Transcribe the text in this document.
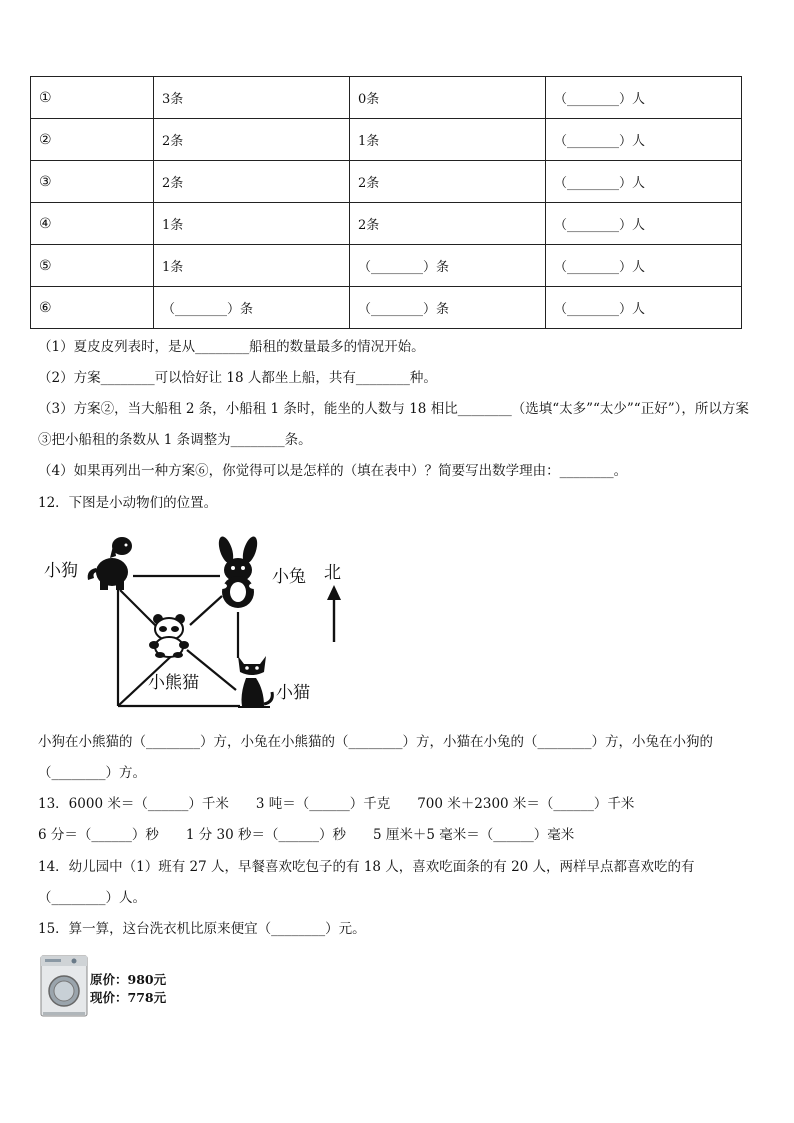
①	3条	0条	（________）人
②	2条	1条	（________）人
③	2条	2条	（________）人
④	1条	2条	（________）人
⑤	1条	（________）条	（________）人
⑥	（________）条	（________）条	（________）人
（1）夏皮皮列表时，是从________船租的数量最多的情况开始。
（2）方案________可以恰好让 18 人都坐上船，共有________种。
（3）方案②，当大船租 2 条，小船租 1 条时，能坐的人数与 18 相比________（选填“太多”“太少”“正好”），所以方案
③把小船租的条数从 1 条调整为________条。
（4）如果再列出一种方案⑥，你觉得可以是怎样的（填在表中）？简要写出数学理由：________。
12．下图是小动物们的位置。
小狗	小兔
小熊猫	小猫
北
小狗在小熊猫的（________）方，小兔在小熊猫的（________）方，小猫在小兔的（________）方，小兔在小狗的
（________）方。
13．6000 米＝（______）千米　　3 吨＝（______）千克　　700 米＋2300 米＝（______）千米
6 分＝（______）秒　　1 分 30 秒＝（______）秒　　5 厘米＋5 毫米＝（______）毫米
14．幼儿园中（1）班有 27 人，早餐喜欢吃包子的有 18 人，喜欢吃面条的有 20 人，两样早点都喜欢吃的有
（________）人。
15．算一算，这台洗衣机比原来便宜（________）元。
原价：980元
现价：778元
